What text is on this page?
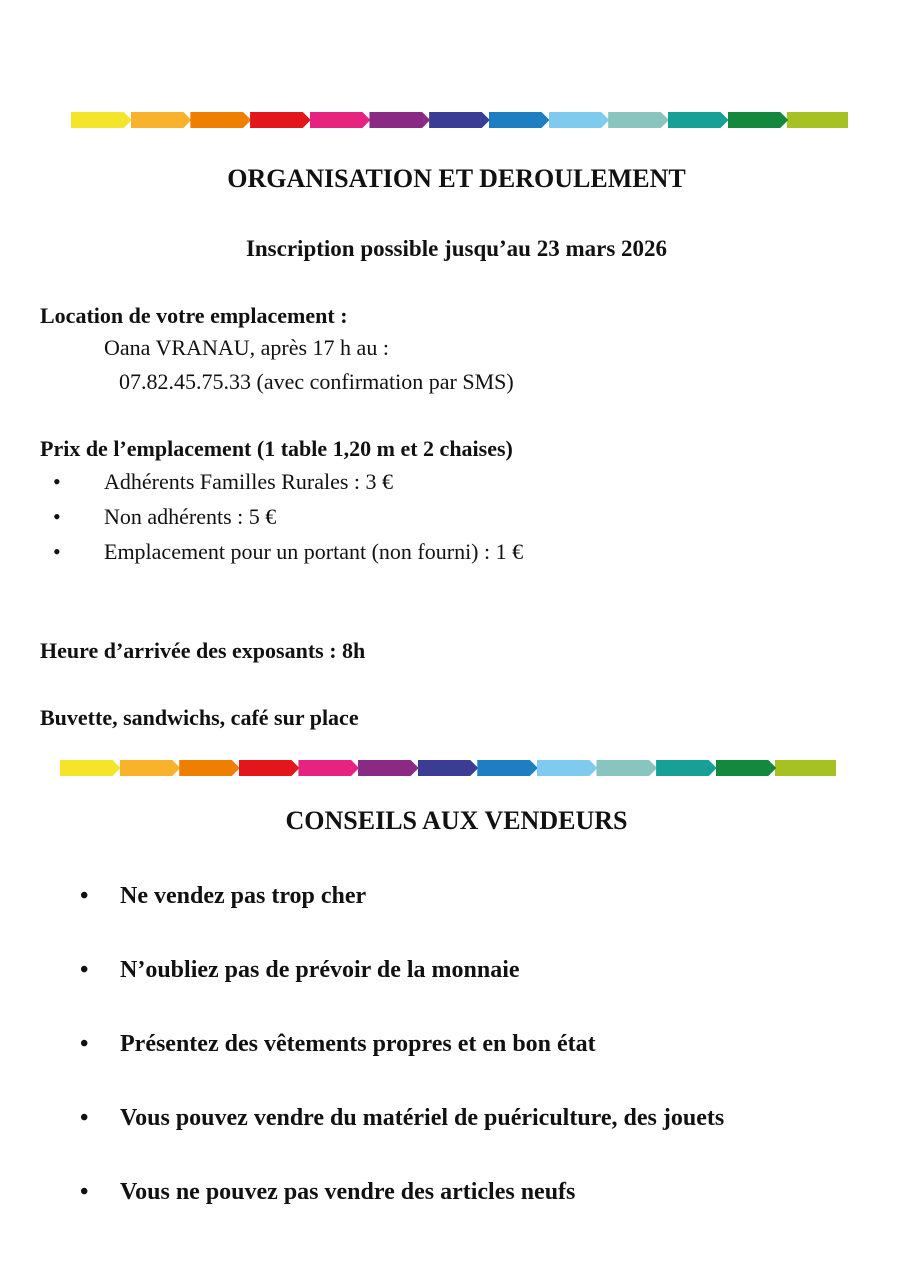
ORGANISATION ET DEROULEMENT
Inscription possible jusqu’au 23 mars 2026
Location de votre emplacement :
Oana VRANAU, après 17 h au :
07.82.45.75.33 (avec confirmation par SMS)
Prix de l’emplacement (1 table 1,20 m et 2 chaises)
• Adhérents Familles Rurales : 3 €
• Non adhérents : 5 €
• Emplacement pour un portant (non fourni) : 1 €
Heure d’arrivée des exposants : 8h
Buvette, sandwichs, café sur place
CONSEILS AUX VENDEURS
• Ne vendez pas trop cher
• N’oubliez pas de prévoir de la monnaie
• Présentez des vêtements propres et en bon état
• Vous pouvez vendre du matériel de puériculture, des jouets
• Vous ne pouvez pas vendre des articles neufs
